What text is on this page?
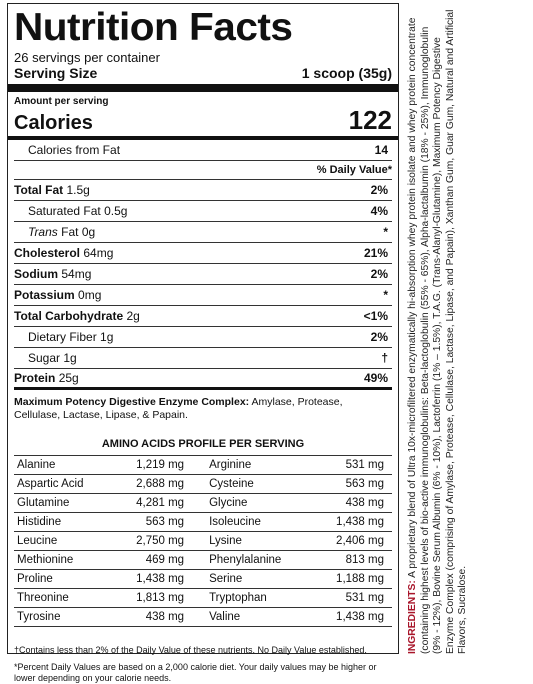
Nutrition Facts
26 servings per container
Serving Size	1 scoop (35g)
Amount per serving
Calories	122
Calories from Fat	14
% Daily Value*
Total Fat 1.5g	2%
Saturated Fat 0.5g	4%
Trans Fat 0g	*
Cholesterol 64mg	21%
Sodium 54mg	2%
Potassium 0mg	*
Total Carbohydrate 2g	<1%
Dietary Fiber 1g	2%
Sugar 1g	†
Protein 25g	49%
Maximum Potency Digestive Enzyme Complex: Amylase, Protease, Cellulase, Lactase, Lipase, & Papain.
AMINO ACIDS PROFILE PER SERVING
Alanine	1,219 mg		Arginine	531 mg
Aspartic Acid	2,688 mg		Cysteine	563 mg
Glutamine	4,281 mg		Glycine	438 mg
Histidine	563 mg		Isoleucine	1,438 mg
Leucine	2,750 mg		Lysine	2,406 mg
Methionine	469 mg		Phenylalanine	813 mg
Proline	1,438 mg		Serine	1,188 mg
Threonine	1,813 mg		Tryptophan	531 mg
Tyrosine	438 mg		Valine	1,438 mg
†Contains less than 2% of the Daily Value of these nutrients. No Daily Value established.
*Percent Daily Values are based on a 2,000 calorie diet. Your daily values may be higher or lower depending on your calorie needs.
INGREDIENTS: A proprietary blend of Ultra 10x-microfiltered enzymatically hi-absorption whey protein isolate and whey protein concentrate (containing highest levels of bio-active immunoglobulins: Beta-lactoglobulin (55% - 65%), Alpha-lactalbumin (18% - 25%), Immunoglobulin (9% - 12%), Bovine Serum Albumin (6% - 10%), Lactoferrin (1% – 1.5%), T.A.G. (Trans-Alanyl-Glutamine), Maximum Potency Digestive Enzyme Complex (comprising of Amylase, Protease, Cellulase, Lactase, Lipase, and Papain), Xanthan Gum, Guar Gum, Natural and Artificial Flavors, Sucralose.
